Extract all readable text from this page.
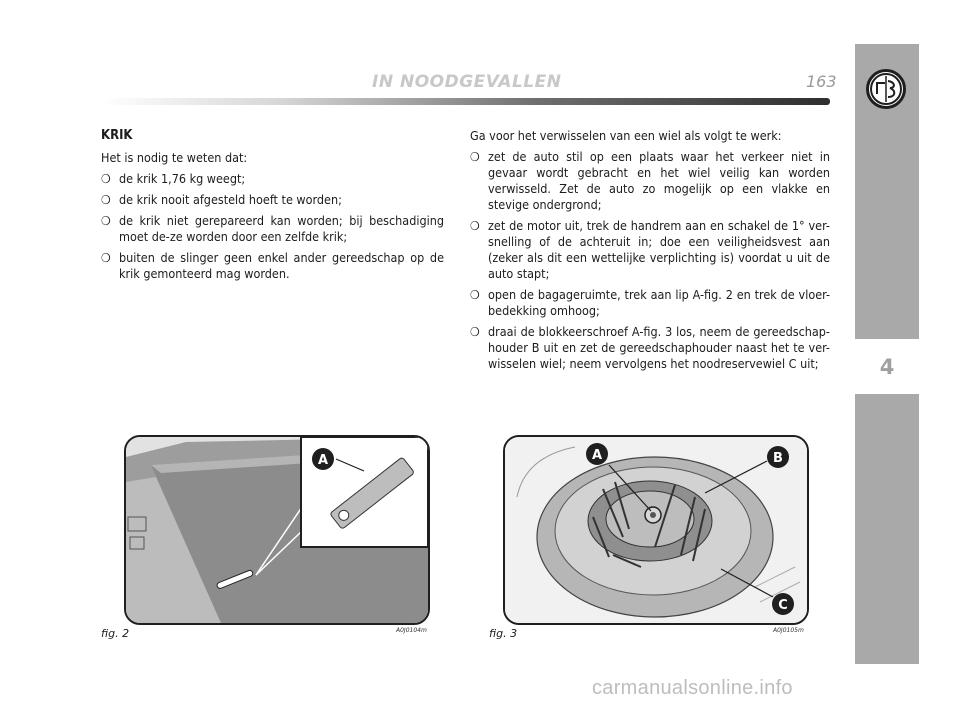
IN NOODGEVALLEN	163
4
KRIK
Het is nodig te weten dat:
❍ de krik 1,76 kg weegt;
❍ de krik nooit afgesteld hoeft te worden;
❍ de krik niet gerepareerd kan worden; bij beschadiging moet de-ze worden door een zelfde krik;
❍ buiten de slinger geen enkel ander gereedschap op de krik gemonteerd mag worden.
Ga voor het verwisselen van een wiel als volgt te werk:
❍ zet de auto stil op een plaats waar het verkeer niet in gevaar wordt gebracht en het wiel veilig kan worden verwisseld. Zet de auto zo mogelijk op een vlakke en stevige ondergrond;
❍ zet de motor uit, trek de handrem aan en schakel de 1° ver-snelling of de achteruit in; doe een veiligheidsvest aan (zeker als dit een wettelijke verplichting is) voordat u uit de auto stapt;
❍ open de bagageruimte, trek aan lip A-fig. 2 en trek de vloer-bedekking omhoog;
❍ draai de blokkeerschroef A-fig. 3 los, neem de gereedschap-houder B uit en zet de gereedschaphouder naast het te ver-wisselen wiel; neem vervolgens het noodreservewiel C uit;
A
fig. 2	A0J0104m
A	B
C
fig. 3	A0J0105m
carmanualsonline.info
